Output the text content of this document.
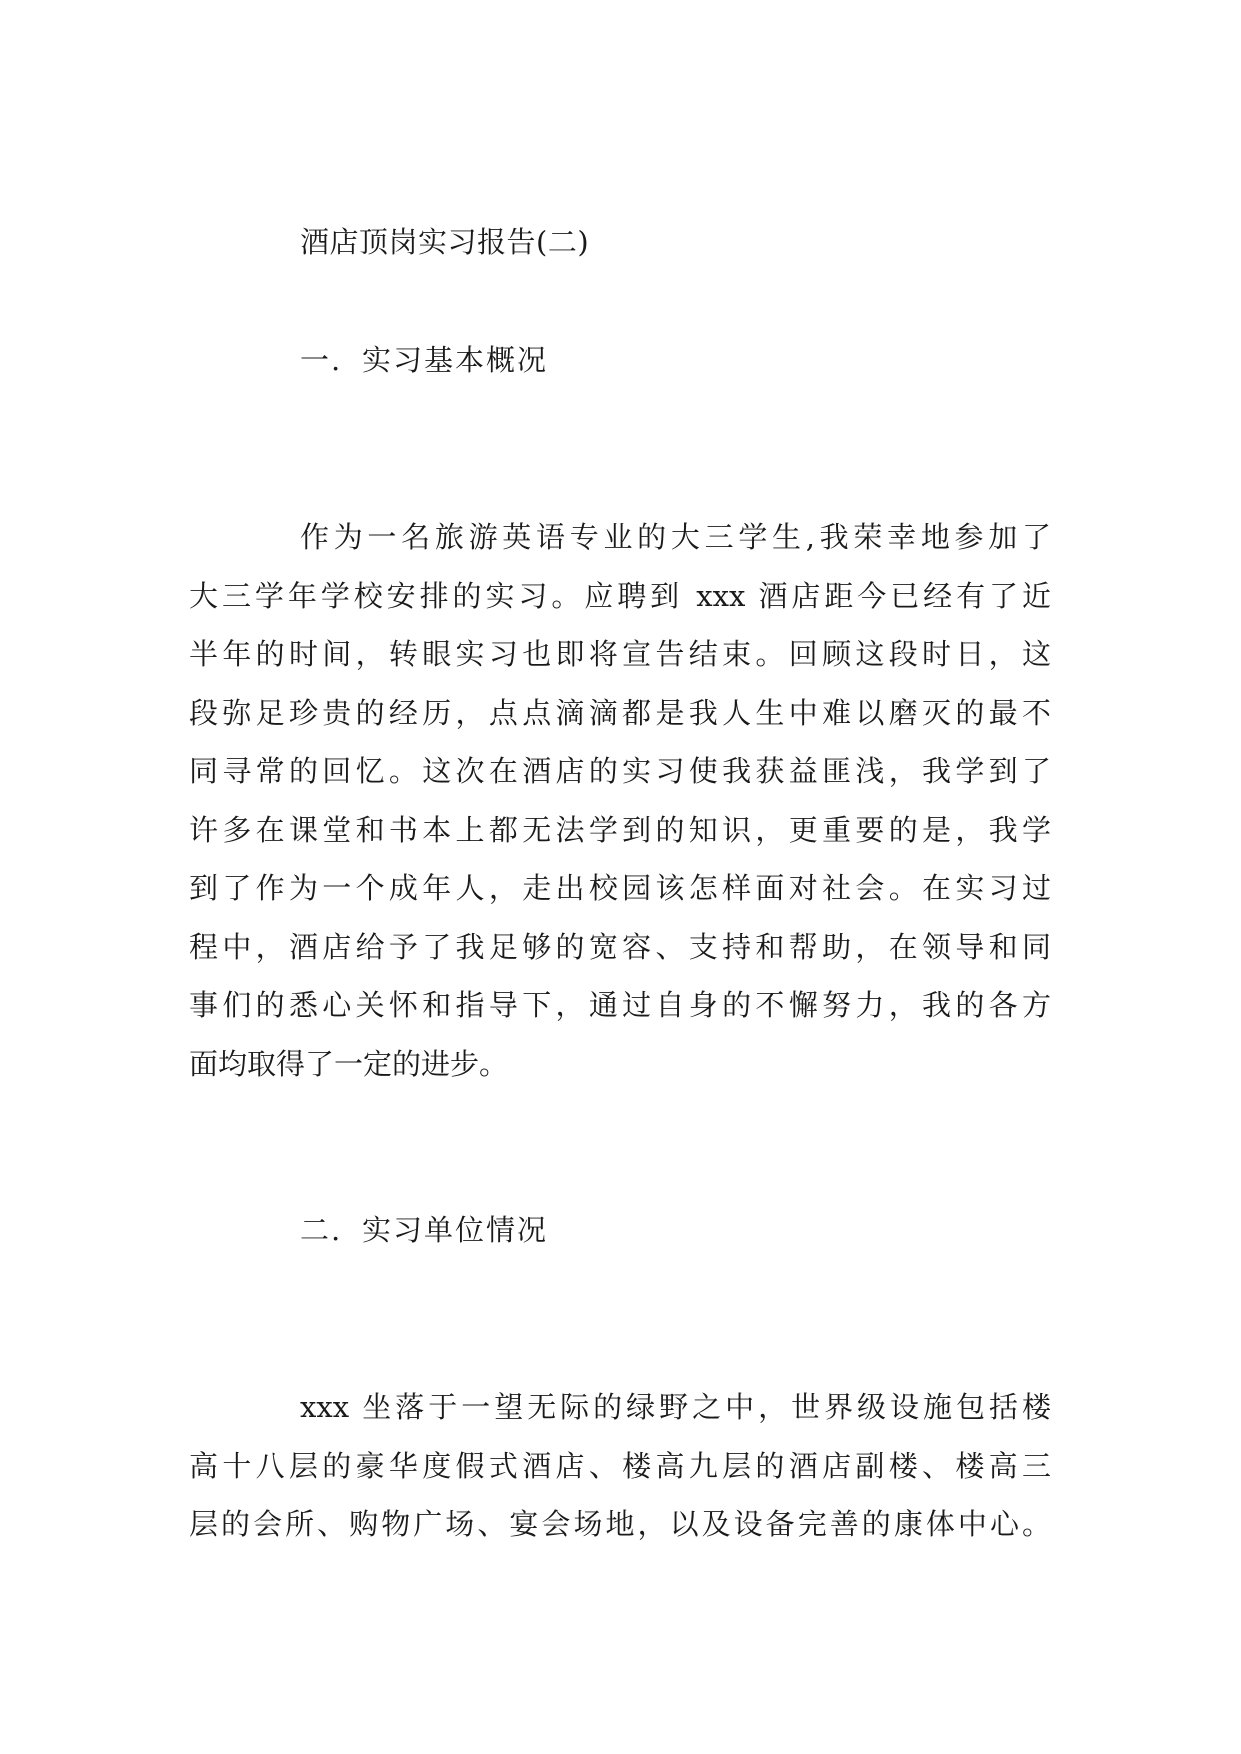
酒店顶岗实习报告(二)
一. 实习基本概况
作为一名旅游英语专业的大三学生,我荣幸地参加了
大三学年学校安排的实习。应聘到 xxx 酒店距今已经有了近
半年的时间，转眼实习也即将宣告结束。回顾这段时日，这
段弥足珍贵的经历，点点滴滴都是我人生中难以磨灭的最不
同寻常的回忆。这次在酒店的实习使我获益匪浅，我学到了
许多在课堂和书本上都无法学到的知识，更重要的是，我学
到了作为一个成年人，走出校园该怎样面对社会。在实习过
程中，酒店给予了我足够的宽容、支持和帮助，在领导和同
事们的悉心关怀和指导下，通过自身的不懈努力，我的各方
面均取得了一定的进步。
二. 实习单位情况
xxx 坐落于一望无际的绿野之中，世界级设施包括楼
高十八层的豪华度假式酒店、楼高九层的酒店副楼、楼高三
层的会所、购物广场、宴会场地，以及设备完善的康体中心。
